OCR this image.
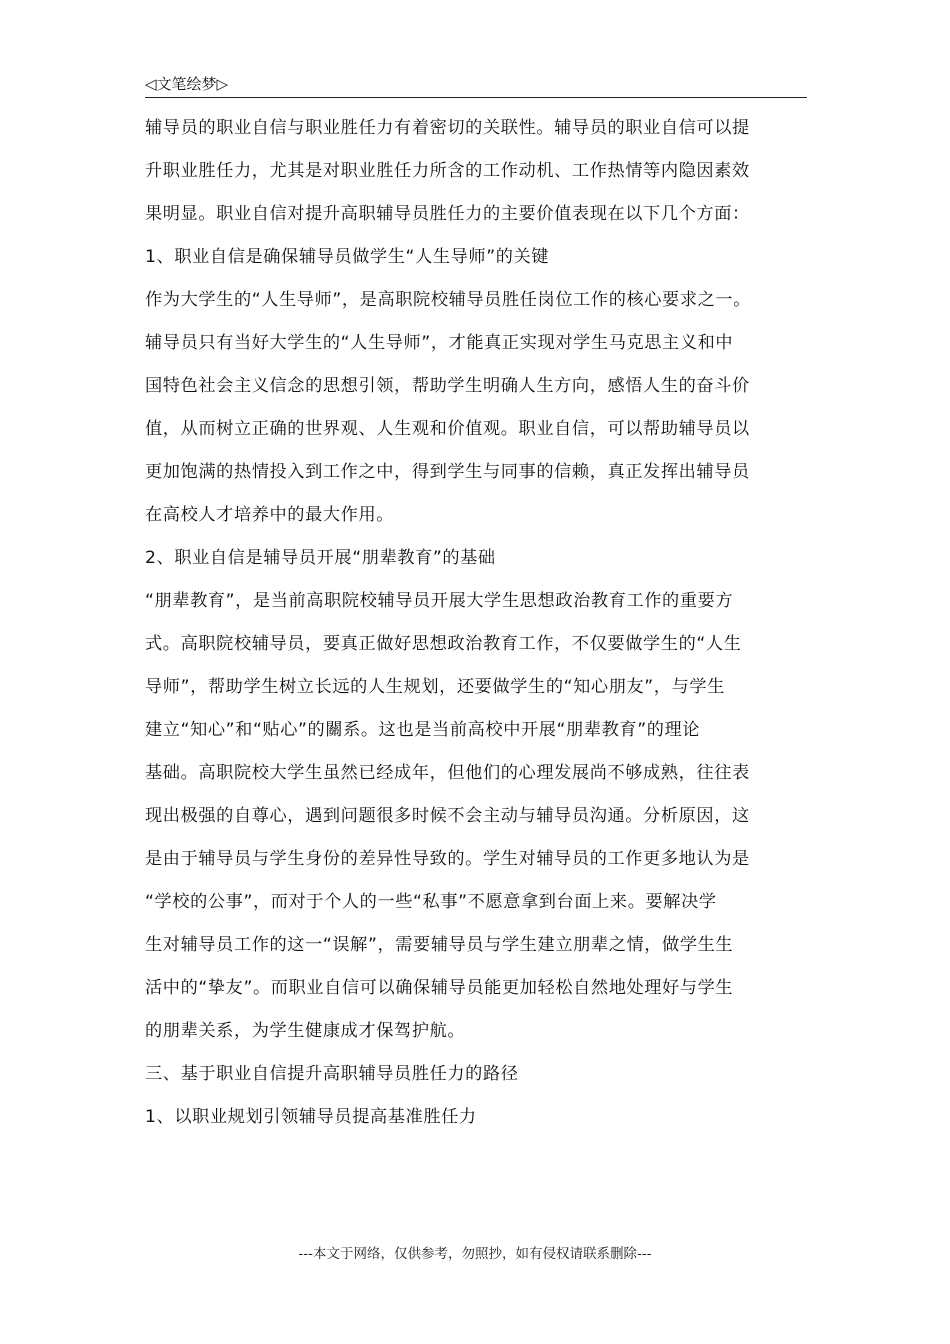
◁文笔绘梦▷
辅导员的职业自信与职业胜任力有着密切的关联性。辅导员的职业自信可以提
升职业胜任力，尤其是对职业胜任力所含的工作动机、工作热情等内隐因素效
果明显。职业自信对提升高职辅导员胜任力的主要价值表现在以下几个方面：
1、职业自信是确保辅导员做学生“人生导师”的关键
作为大学生的“人生导师”，是高职院校辅导员胜任岗位工作的核心要求之一。
辅导员只有当好大学生的“人生导师”，才能真正实现对学生马克思主义和中
国特色社会主义信念的思想引领，帮助学生明确人生方向，感悟人生的奋斗价
值，从而树立正确的世界观、人生观和价值观。职业自信，可以帮助辅导员以
更加饱满的热情投入到工作之中，得到学生与同事的信赖，真正发挥出辅导员
在高校人才培养中的最大作用。
2、职业自信是辅导员开展“朋辈教育”的基础
“朋辈教育”，是当前高职院校辅导员开展大学生思想政治教育工作的重要方
式。高职院校辅导员，要真正做好思想政治教育工作，不仅要做学生的“人生
导师”，帮助学生树立长远的人生规划，还要做学生的“知心朋友”，与学生
建立“知心”和“贴心”的關系。这也是当前高校中开展“朋辈教育”的理论
基础。高职院校大学生虽然已经成年，但他们的心理发展尚不够成熟，往往表
现出极强的自尊心，遇到问题很多时候不会主动与辅导员沟通。分析原因，这
是由于辅导员与学生身份的差异性导致的。学生对辅导员的工作更多地认为是
“学校的公事”，而对于个人的一些“私事”不愿意拿到台面上来。要解决学
生对辅导员工作的这一“误解”，需要辅导员与学生建立朋辈之情，做学生生
活中的“挚友”。而职业自信可以确保辅导员能更加轻松自然地处理好与学生
的朋辈关系，为学生健康成才保驾护航。
三、基于职业自信提升高职辅导员胜任力的路径
1、以职业规划引领辅导员提高基准胜任力
---本文于网络，仅供参考，勿照抄，如有侵权请联系删除---
